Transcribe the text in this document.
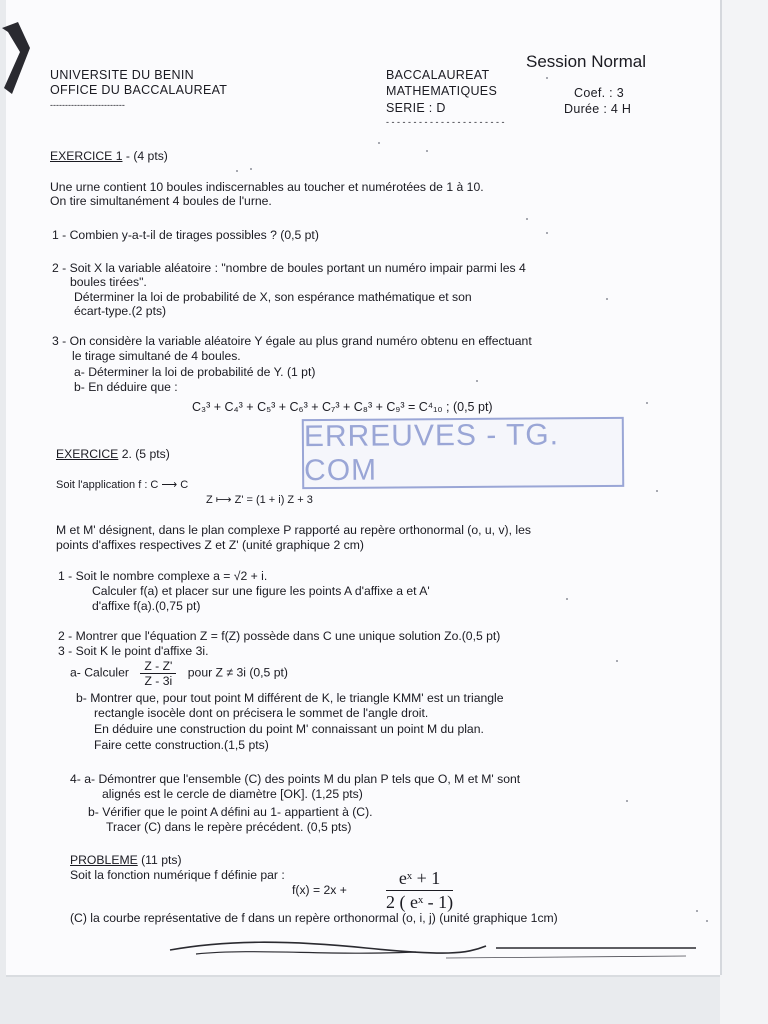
UNIVERSITE DU BENIN
OFFICE DU BACCALAUREAT
-------------------------
BACCALAUREAT
Session Normal
MATHEMATIQUES	Coef. : 3
SERIE : D	Durée : 4 H
- - - - - - - - - - - - - - - - - - - - - -
EXERCICE 1 - (4 pts)
Une urne contient 10 boules indiscernables au toucher et numérotées de 1 à 10.
On tire simultanément 4 boules de l'urne.
1 - Combien y-a-t-il de tirages possibles ? (0,5 pt)
2 - Soit X la variable aléatoire : "nombre de boules portant un numéro impair parmi les 4
boules tirées".
Déterminer la loi de probabilité de X, son espérance mathématique et son
écart-type.(2 pts)
3 - On considère la variable aléatoire Y égale au plus grand numéro obtenu en effectuant
le tirage simultané de 4 boules.
a- Déterminer la loi de probabilité de Y. (1 pt)
b- En déduire que :
C₃³ + C₄³ + C₅³ + C₆³ + C₇³ + C₈³ + C₉³ = C⁴₁₀ ; (0,5 pt)
ERREUVES - TG. COM
EXERCICE 2. (5 pts)
Soit l'application f : C ⟶ C
Z ⟼ Z' = (1 + i) Z + 3
M et M' désignent, dans le plan complexe P rapporté au repère orthonormal (o, u, v), les
points d'affixes respectives Z et Z' (unité graphique 2 cm)
1 - Soit le nombre complexe a = √2 + i.
Calculer f(a) et placer sur une figure les points A d'affixe a et A'
d'affixe f(a).(0,75 pt)
2 - Montrer que l'équation Z = f(Z) possède dans C une unique solution Zo.(0,5 pt)
3 - Soit K le point d'affixe 3i.
a- Calculer $\frac{Z - Z'}{Z - 3i}$ pour Z ≠ 3i (0,5 pt)
b- Montrer que, pour tout point M différent de K, le triangle KMM' est un triangle
rectangle isocèle dont on précisera le sommet de l'angle droit.
En déduire une construction du point M' connaissant un point M du plan.
Faire cette construction.(1,5 pts)
4- a- Démontrer que l'ensemble (C) des points M du plan P tels que O, M et M' sont
alignés est le cercle de diamètre [OK]. (1,25 pts)
b- Vérifier que le point A défini au 1- appartient à (C).
Tracer (C) dans le repère précédent. (0,5 pts)
PROBLEME (11 pts)
Soit la fonction numérique f définie par :
$f(x) = 2x + \frac{\text{eˣ + 1}}{\text{2 ( eˣ - 1)}}$
(C) la courbe représentative de f dans un repère orthonormal (o, i, j) (unité graphique 1cm)
